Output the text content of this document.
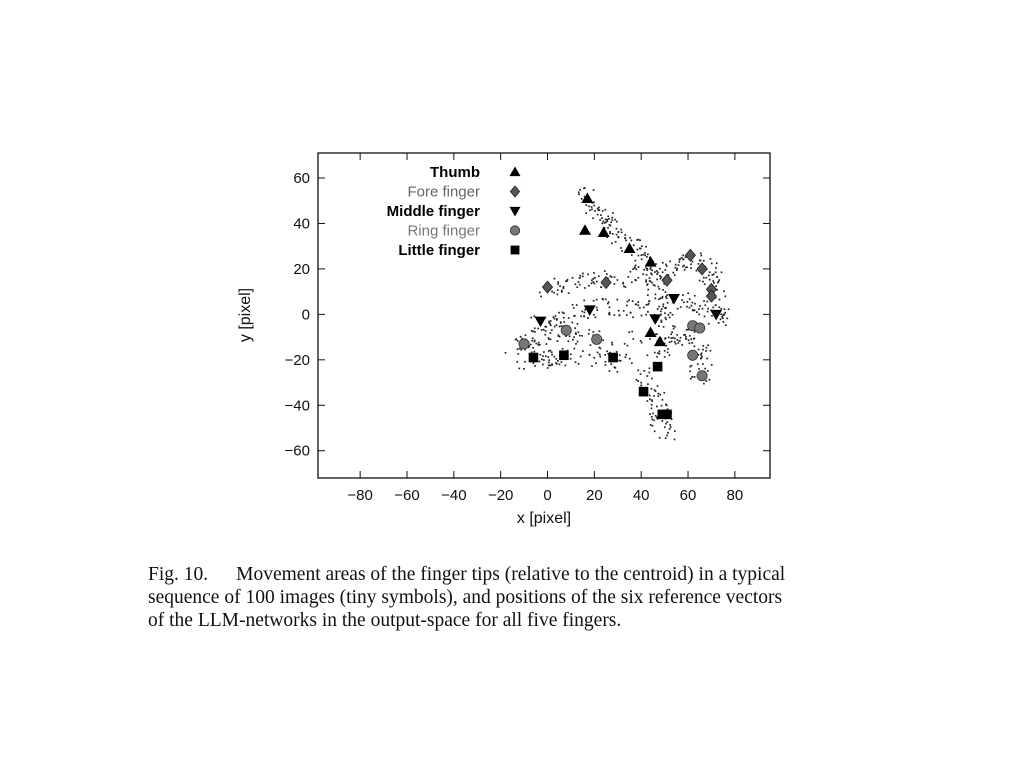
−80 −60 −40 −20 0 20 40 60 80
−60
−40
−20
0
20
40
60	Thumb
Fore finger
Middle finger
Ring finger
Little finger
x [pixel]
y [pixel]
Fig. 10. Movement areas of the finger tips (relative to the centroid) in a typical
sequence of 100 images (tiny symbols), and positions of the six reference vectors
of the LLM-networks in the output-space for all five fingers.
